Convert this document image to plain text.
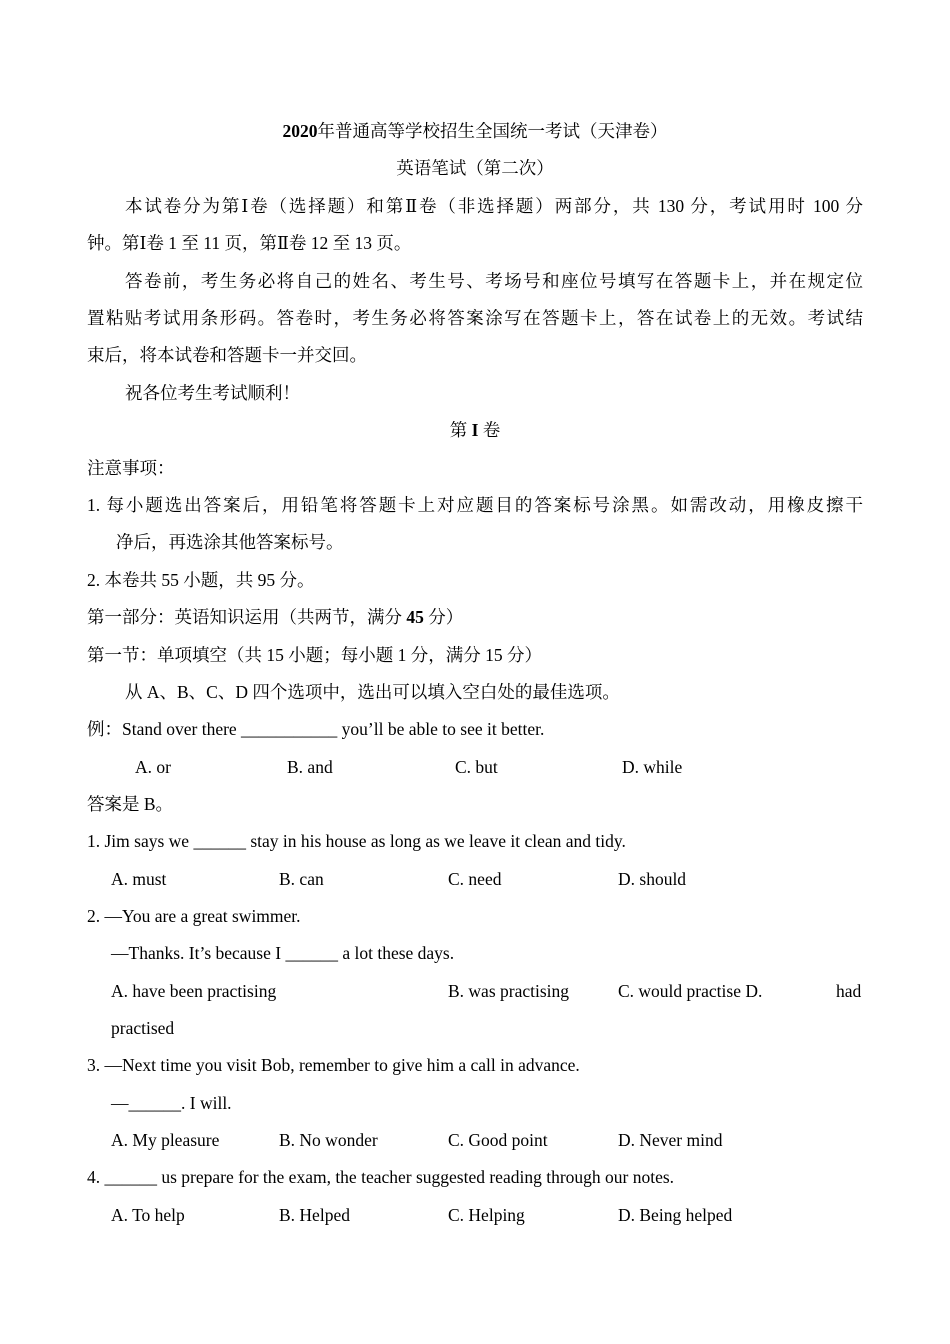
2020年普通高等学校招生全国统一考试（天津卷）
英语笔试（第二次）
本试卷分为第Ⅰ卷（选择题）和第Ⅱ卷（非选择题）两部分，共 130 分，考试用时 100 分
钟。第Ⅰ卷 1 至 11 页，第Ⅱ卷 12 至 13 页。
答卷前，考生务必将自己的姓名、考生号、考场号和座位号填写在答题卡上，并在规定位
置粘贴考试用条形码。答卷时，考生务必将答案涂写在答题卡上，答在试卷上的无效。考试结
束后，将本试卷和答题卡一并交回。
祝各位考生考试顺利！
第 I 卷
注意事项：
1. 每小题选出答案后，用铅笔将答题卡上对应题目的答案标号涂黑。如需改动，用橡皮擦干
净后，再选涂其他答案标号。
2. 本卷共 55 小题，共 95 分。
第一部分：英语知识运用（共两节，满分 45 分）
第一节：单项填空（共 15 小题；每小题 1 分，满分 15 分）
从 A、B、C、D 四个选项中，选出可以填入空白处的最佳选项。
例：Stand over there ___________ you’ll be able to see it better.
A. or	B. and	C. but	D. while
答案是 B。
1. Jim says we ______ stay in his house as long as we leave it clean and tidy.
A. must	B. can	C. need	D. should
2. —You are a great swimmer.
—Thanks. It’s because I ______ a lot these days.
A. have been practising	B. was practising	C. would practise D.	had
practised
3. —Next time you visit Bob, remember to give him a call in advance.
—______. I will.
A. My pleasure	B. No wonder	C. Good point	D. Never mind
4. ______ us prepare for the exam, the teacher suggested reading through our notes.
A. To help	B. Helped	C. Helping	D. Being helped
